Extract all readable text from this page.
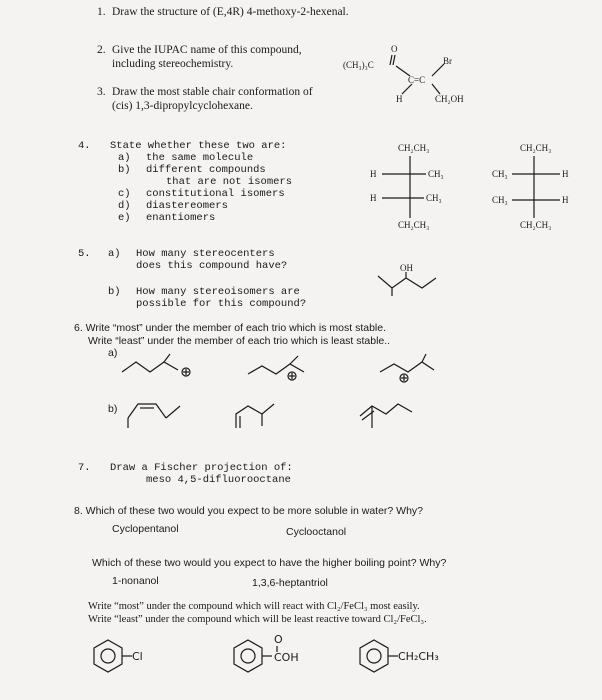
1. Draw the structure of (E,4R) 4-methoxy-2-hexenal.
2. Give the IUPAC name of this compound,
including stereochemistry.	(CH₃)₃C
O
C=C
Br
H	CH₂OH
3. Draw the most stable chair conformation of
(cis) 1,3-dipropylcyclohexane.
4. State whether these two are:
a) the same molecule
b) different compounds
that are not isomers
c) constitutional isomers
d) diastereomers
e) enantiomers
CH₂CH₃
H	CH₃
H	CH₃
CH₂CH₃
CH₂CH₃
CH₃	H
CH₃	H
CH₂CH₃
5. a) How many stereocenters
does this compound have?
b) How many stereoisomers are
possible for this compound?
OH
6. Write “most” under the member of each trio which is most stable.
Write “least” under the member of each trio which is least stable..
a)
b)
7. Draw a Fischer projection of:
meso 4,5-difluorooctane
8. Which of these two would you expect to be more soluble in water? Why?
Cyclopentanol	Cyclooctanol
Which of these two would you expect to have the higher boiling point? Why?
1-nonanol	1,3,6-heptantriol
Write “most” under the compound which will react with Cl₂/FeCl₃ most easily.
Write “least” under the compound which will be least reactive toward Cl₂/FeCl₃.
Cl
O
COH	CH₂CH₃
